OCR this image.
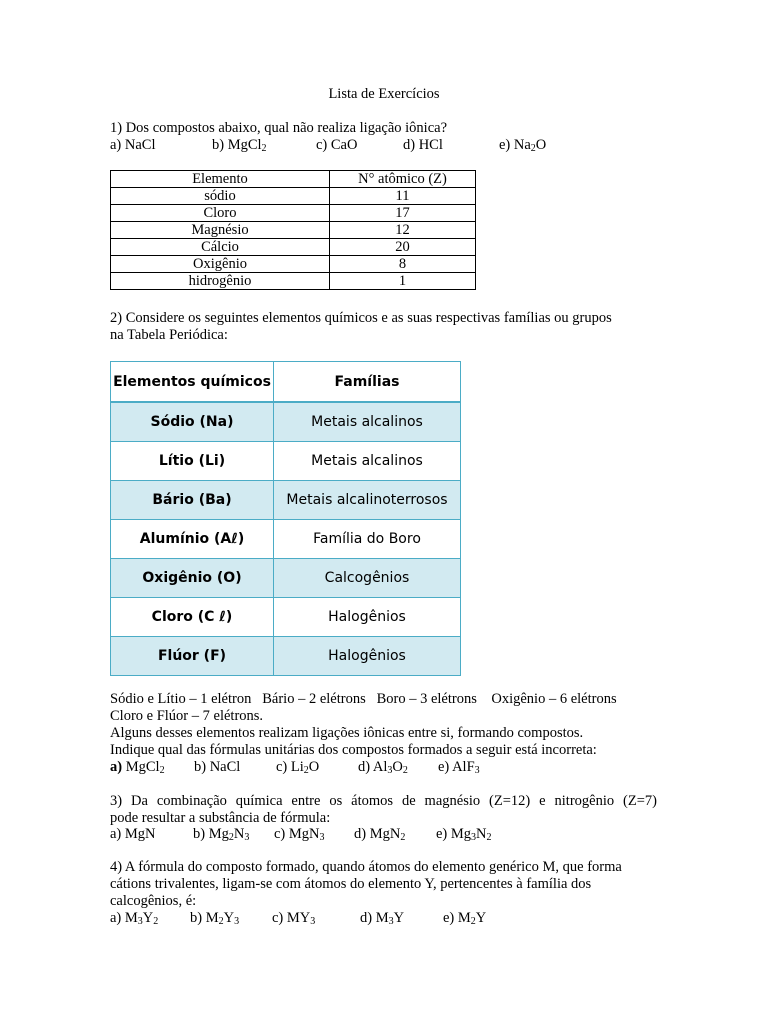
Lista de Exercícios
1) Dos compostos abaixo, qual não realiza ligação iônica?
a) NaCl	b) MgCl$_2$	c) CaO	d) HCl	e) $Na_2O$
Elemento	N° atômico (Z)
sódio	11
Cloro	17
Magnésio	12
Cálcio	20
Oxigênio	8
hidrogênio	1
2) Considere os seguintes elementos químicos e as suas respectivas famílias ou grupos
na Tabela Periódica:
Elementos químicos	Famílias
Sódio (Na)	Metais alcalinos
Lítio (Li)	Metais alcalinos
Bário (Ba)	Metais alcalinoterrosos
Alumínio (Aℓ)	Família do Boro
Oxigênio (O)	Calcogênios
Cloro (C ℓ)	Halogênios
Flúor (F)	Halogênios
Sódio e Lítio – 1 elétron   Bário – 2 elétrons   Boro – 3 elétrons    Oxigênio – 6 elétrons
Cloro e Flúor – 7 elétrons.
Alguns desses elementos realizam ligações iônicas entre si, formando compostos.
Indique qual das fórmulas unitárias dos compostos formados a seguir está incorreta:
a) MgCl$_2$ b) NaCl c) $Li_2O$	d) $Al_3O_2$ e) AlF$_3$
3) Da combinação química entre os átomos de magnésio (Z=12) e nitrogênio (Z=7)
pode resultar a substância de fórmula:
a) MgN	b) $Mg_2N_3$ c) MgN$_3$ d) MgN$_2$ e) $Mg_3N_2$
4) A fórmula do composto formado, quando átomos do elemento genérico M, que forma
cátions trivalentes, ligam-se com átomos do elemento Y, pertencentes à família dos
calcogênios, é:
a) $M_3Y_2$ b) $M_2Y_3$ c) $MY_3$	d) $M_3Y$	e) $M_2Y$
